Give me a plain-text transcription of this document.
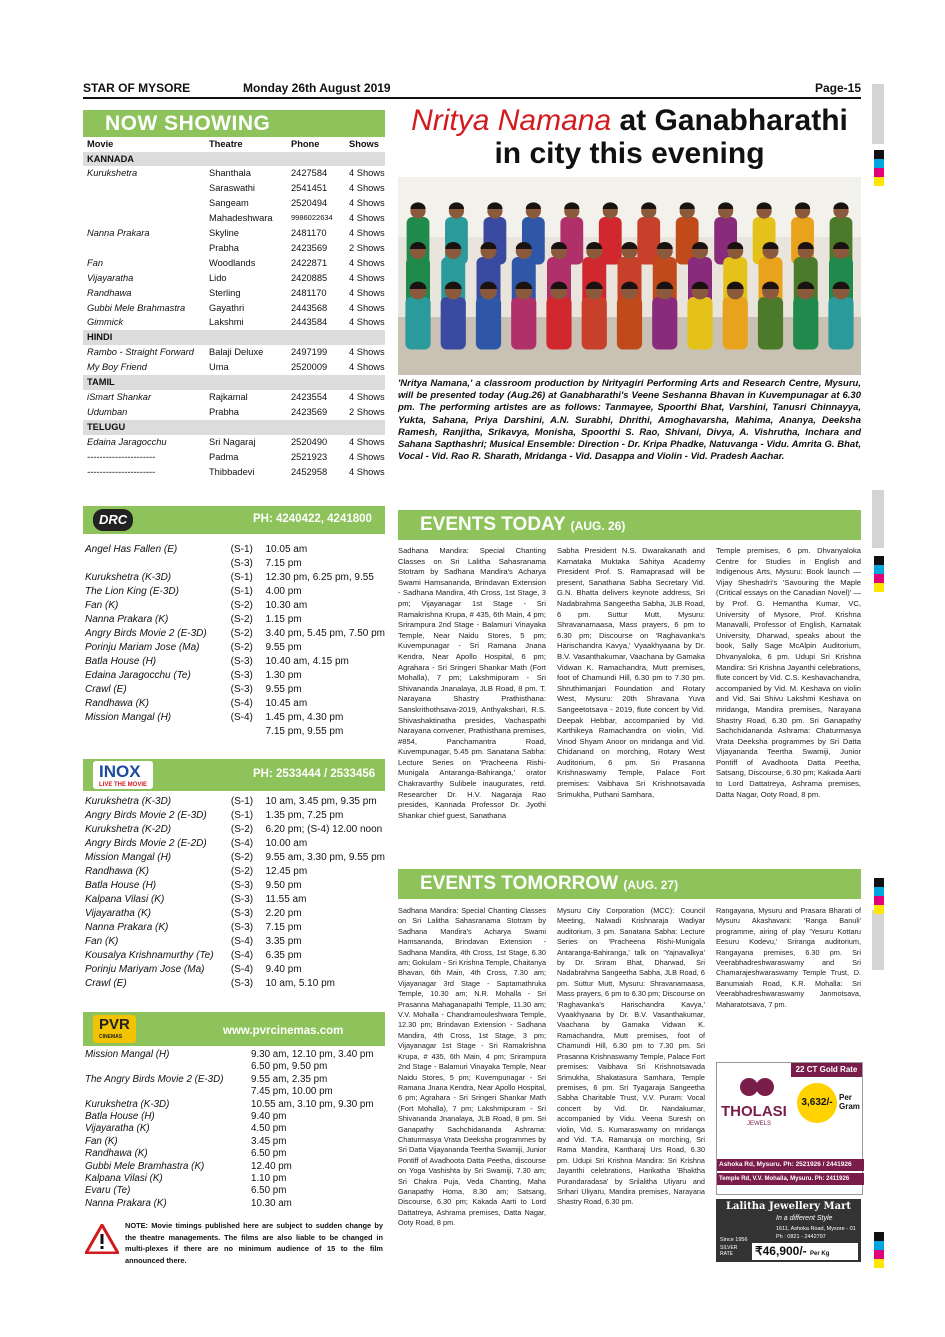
STAR OF MYSORE	Monday 26th August 2019	Page-15
NOW SHOWING
Movie	Theatre	Phone	Shows
KANNADA			
Kurukshetra	Shanthala	2427584	4 Shows
	Saraswathi	2541451	4 Shows
	Sangeam	2520494	4 Shows
	Mahadeshwara	9986022634	4 Shows
Nanna Prakara	Skyline	2481170	4 Shows
	Prabha	2423569	2 Shows
Fan	Woodlands	2422871	4 Shows
Vijayaratha	Lido	2420885	4 Shows
Randhawa	Sterling	2481170	4 Shows
Gubbi Mele Brahmastra	Gayathri	2443568	4 Shows
Gimmick	Lakshmi	2443584	4 Shows
HINDI			
Rambo - Straight Forward	Balaji Deluxe	2497199	4 Shows
My Boy Friend	Uma	2520009	4 Shows
TAMIL			
iSmart Shankar	Rajkamal	2423554	4 Shows
Udumban	Prabha	2423569	2 Shows
TELUGU			
Edaina Jaragocchu	Sri Nagaraj	2520490	4 Shows
----------------------	Padma	2521923	4 Shows
----------------------	Thibbadevi	2452958	4 Shows
DRC	PH: 4240422, 4241800
Angel Has Fallen (E)	(S-1)	10.05 am
	(S-3)	7.15 pm
Kurukshetra (K-3D)	(S-1)	12.30 pm, 6.25 pm, 9.55
The Lion King (E-3D)	(S-1)	4.00 pm
Fan (K)	(S-2)	10.30 am
Nanna Prakara (K)	(S-2)	1.15 pm
Angry Birds Movie 2 (E-3D)	(S-2)	3.40 pm, 5.45 pm, 7.50 pm
Porinju Mariam Jose (Ma)	(S-2)	9.55 pm
Batla House (H)	(S-3)	10.40 am, 4.15 pm
Edaina Jaragocchu (Te)	(S-3)	1.30 pm
Crawl (E)	(S-3)	9.55 pm
Randhawa (K)	(S-4)	10.45 am
Mission Mangal (H)	(S-4)	1.45 pm, 4.30 pm
		7.15 pm, 9.55 pm
INOX
LIVE THE MOVIE
PH: 2533444 / 2533456
Kurukshetra (K-3D)	(S-1)	10 am, 3.45 pm, 9.35 pm
Angry Birds Movie 2 (E-3D)	(S-1)	1.35 pm, 7.25 pm
Kurukshetra (K-2D)	(S-2)	6.20 pm; (S-4) 12.00 noon
Angry Birds Movie 2 (E-2D)	(S-4)	10.00 am
Mission Mangal (H)	(S-2)	9.55 am, 3.30 pm, 9.55 pm
Randhawa (K)	(S-2)	12.45 pm
Batla House (H)	(S-3)	9.50 pm
Kalpana Vilasi (K)	(S-3)	11.55 am
Vijayaratha (K)	(S-3)	2.20 pm
Nanna Prakara (K)	(S-3)	7.15 pm
Fan (K)	(S-4)	3.35 pm
Kousalya Krishnamurthy (Te)	(S-4)	6.35 pm
Porinju Mariyam Jose (Ma)	(S-4)	9.40 pm
Crawl (E)	(S-3)	10 am, 5.10 pm
PVR
CINEMAS	www.pvrcinemas.com
Mission Mangal (H)	9.30 am, 12.10 pm, 3.40 pm
	6.50 pm, 9.50 pm
The Angry Birds Movie 2 (E-3D)	9.55 am, 2.35 pm
	7.45 pm, 10.00 pm
Kurukshetra (K-3D)	10.55 am, 3.10 pm, 9.30 pm
Batla House (H)	9.40 pm
Vijayaratha (K)	4.50 pm
Fan (K)	3.45 pm
Randhawa (K)	6.50 pm
Gubbi Mele Bramhastra (K)	12.40 pm
Kalpana Vilasi (K)	1.10 pm
Evaru (Te)	6.50 pm
Nanna Prakara (K)	10.30 am
NOTE: Movie timings published here are subject to sudden change by the theatre managements. The films are also liable to be changed in multi-plexes if there are no minimum audience of 15 to the film announced there.
Nritya Namana at Ganabharathi
in city this evening
'Nritya Namana,' a classroom production by Nrityagiri Performing Arts and Research Centre, Mysuru, will be presented today (Aug.26) at Ganabharathi's Veene Seshanna Bhavan in Kuvempunagar at 6.30 pm. The performing artistes are as follows: Tanmayee, Spoorthi Bhat, Varshini, Tanusri Chinnayya, Yukta, Sahana, Priya Darshini, A.N. Surabhi, Dhrithi, Amoghavarsha, Mahima, Ananya, Deeksha Ramesh, Ranjitha, Srikavya, Monisha, Spoorthi S. Rao, Shivani, Divya, A. Vishrutha, Inchara and Sahana Sapthashri; Musical Ensemble: Direction - Dr. Kripa Phadke, Natuvanga - Vidu. Amrita G. Bhat, Vocal - Vid. Rao R. Sharath, Mridanga - Vid. Dasappa and Violin - Vid. Pradesh Aachar.
EVENTS TODAY (AUG. 26)
Sadhana Mandira: Special Chanting Classes on Sri Lalitha Sahasranama Stotram by Sadhana Mandira's Acharya Swami Hamsananda, Brindavan Extension - Sadhana Mandira, 4th Cross, 1st Stage, 3 pm; Vijayanagar 1st Stage - Sri Ramakrishna Krupa, # 435, 6th Main, 4 pm; Srirampura 2nd Stage - Balamuri Vinayaka Temple, Near Naidu Stores, 5 pm; Kuvempunagar - Sri Ramana Jnana Kendra, Near Apollo Hospital, 6 pm; Agrahara - Sri Sringeri Shankar Math (Fort Mohalla), 7 pm; Lakshmipuram - Sri Shivananda Jnanalaya, JLB Road, 8 pm. T. Narayana Shastry Prathisthana: Sanskrithothsava-2019, Anthyakshari, R.S. Shivashaktinatha presides, Vachaspathi Narayana convener, Prathisthana premises, #854, Panchamantra Road, Kuvempunagar, 5.45 pm. Sanatana Sabha: Lecture Series on 'Pracheena Rishi-Munigala Antaranga-Bahiranga,' orator Chakravarthy Sulibele inaugurates, retd. Researcher Dr. H.V. Nagaraja Rao presides, Kannada Professor Dr. Jyothi Shankar chief guest, Sanathana
Sabha President N.S. Dwarakanath and Karnataka Muktaka Sahitya Academy President Prof. S. Ramaprasad will be present, Sanathana Sabha Secretary Vid. G.N. Bhatta delivers keynote address, Sri Nadabrahma Sangeetha Sabha, JLB Road, 6 pm. Suttur Mutt, Mysuru: Shravanamaasa, Mass prayers, 6 pm to 6.30 pm; Discourse on 'Raghavanka's Harischandra Kavya,' Vyaakhyaana by Dr. B.V. Vasanthakumar, Vaachana by Gamaka Vidwan K. Ramachandra, Mutt premises, foot of Chamundi Hill, 6.30 pm to 7.30 pm. Shruthimanjari Foundation and Rotary West, Mysuru: 20th Shravana Yuva Sangeetotsava - 2019, flute concert by Vid. Deepak Hebbar, accompanied by Vid. Karthikeya Ramachandra on violin, Vid. Vinod Shyam Anoor on mridanga and Vid. Chidanand on morching, Rotary West Auditorium, 6 pm. Sri Prasanna Krishnaswamy Temple, Palace Fort premises: Vaibhava Sri Krishnotsavada Srimukha, Puthani Samhara,
Temple premises, 6 pm. Dhvanyaloka Centre for Studies in English and Indigenous Arts, Mysuru: Book launch — Vijay Sheshadri's 'Savouring the Maple (Critical essays on the Canadian Novel)' — by Prof. G. Hemantha Kumar, VC, University of Mysore, Prof. Krishna Manavalli, Professor of English, Karnatak University, Dharwad, speaks about the book, Sally Sage McAlpin Auditorium, Dhvanyaloka, 6 pm. Udupi Sri Krishna Mandira: Sri Krishna Jayanthi celebrations, flute concert by Vid. C.S. Keshavachandra, accompanied by Vid. M. Keshava on violin and Vid. Sai Shivu Lakshmi Keshava on mridanga, Mandira premises, Narayana Shastry Road, 6.30 pm. Sri Ganapathy Sachchidananda Ashrama: Chaturmasya Vrata Deeksha programmes by Sri Datta Vijayananda Teertha Swamiji, Junior Pontiff of Avadhoota Datta Peetha, Satsang, Discourse, 6.30 pm; Kakada Aarti to Lord Dattatreya, Ashrama premises, Datta Nagar, Ooty Road, 8 pm.
EVENTS TOMORROW (AUG. 27)
Sadhana Mandira: Special Chanting Classes on Sri Lalitha Sahasranama Stotram by Sadhana Mandira's Acharya Swami Hamsananda, Brindavan Extension - Sadhana Mandira, 4th Cross, 1st Stage, 6.30 am; Gokulam - Sri Krishna Temple, Chaitanya Bhavan, 6th Main, 4th Cross, 7.30 am; Vijayanagar 3rd Stage - Saptamathruka Temple, 10.30 am; N.R. Mohalla - Sri Prasanna Mahaganapathi Temple, 11.30 am; V.V. Mohalla - Chandramouleshwara Temple, 12.30 pm; Brindavan Extension - Sadhana Mandira, 4th Cross, 1st Stage, 3 pm; Vijayanagar 1st Stage - Sri Ramakrishna Krupa, # 435, 6th Main, 4 pm; Srirampura 2nd Stage - Balamuri Vinayaka Temple, Near Naidu Stores, 5 pm; Kuvempunagar - Sri Ramana Jnana Kendra, Near Apollo Hospital, 6 pm; Agrahara - Sri Sringeri Shankar Math (Fort Mohalla), 7 pm; Lakshmipuram - Sri Shivananda Jnanalaya, JLB Road, 8 pm. Sri Ganapathy Sachchidananda Ashrama: Chaturmasya Vrata Deeksha programmes by Sri Datta Vijayananda Teertha Swamiji, Junior Pontiff of Avadhoota Datta Peetha, discourse on Yoga Vashishta by Sri Swamiji, 7.30 am; Sri Chakra Puja, Veda Chanting, Maha Ganapathy Homa, 8.30 am; Satsang, Discourse, 6.30 pm; Kakada Aarti to Lord Dattatreya, Ashrama premises, Datta Nagar, Ooty Road, 8 pm.
Mysuru City Corporation (MCC): Council Meeting, Nalwadi Krishnaraja Wadiyar auditorium, 3 pm. Sanatana Sabha: Lecture Series on 'Pracheena Rishi-Munigala Antaranga-Bahiranga,' talk on 'Yajnavalkya' by Dr. Sriram Bhat, Dharwad, Sri Nadabrahma Sangeetha Sabha, JLB Road, 6 pm. Suttur Mutt, Mysuru: Shravanamaasa, Mass prayers, 6 pm to 6.30 pm; Discourse on 'Raghavanka's Harischandra Kavya,' Vyaakhyaana by Dr. B.V. Vasanthakumar, Vaachana by Gamaka Vidwan K. Ramachandra, Mutt premises, foot of Chamundi Hill, 6.30 pm to 7.30 pm. Sri Prasanna Krishnaswamy Temple, Palace Fort premises: Vaibhava Sri Krishnotsavada Srimukha, Shakatasura Samhara, Temple premises, 6 pm. Sri Tyagaraja Sangeetha Sabha Charitable Trust, V.V. Puram: Vocal concert by Vid. Dr. Nandakumar, accompanied by Vidu. Veena Suresh on violin, Vid. S. Kumaraswamy on mridanga and Vid. T.A. Ramanuja on morching, Sri Rama Mandira, Kantharaj Urs Road, 6.30 pm. Udupi Sri Krishna Mandira: Sri Krishna Jayanthi celebrations, Harikatha 'Bhaktha Purandaradasa' by Srilalitha Uliyaru and Srihari Uliyaru, Mandira premises, Narayana Shastry Road, 6.30 pm.
Rangayana, Mysuru and Prasara Bharati of Mysuru Akashavani: 'Ranga Banuli' programme, airing of play 'Yesuru Kottaru Eesuru Kodevu,' Sriranga auditorium, Rangayana premises, 6.30 pm. Sri Veerabhadreshwaraswamy and Sri Chamarajeshwaraswamy Temple Trust, D. Banumaiah Road, K.R. Mohalla: Sri Veerabhadreshwaraswamy Janmotsava, Maharatotsava, 7 pm.
22 CT Gold Rate
THOLASI
JEWELS
3,632/- Per Gram
Ashoka Rd, Mysuru. Ph: 2521926 / 2441926
Temple Rd, V.V. Mohalla, Mysuru. Ph: 2411926
Lalitha Jewellery Mart
In a different Style
1611, Ashoka Road, Mysore - 01
Ph : 0821 - 2442797
Since 1956
SILVER RATE	₹46,900/- Per Kg
